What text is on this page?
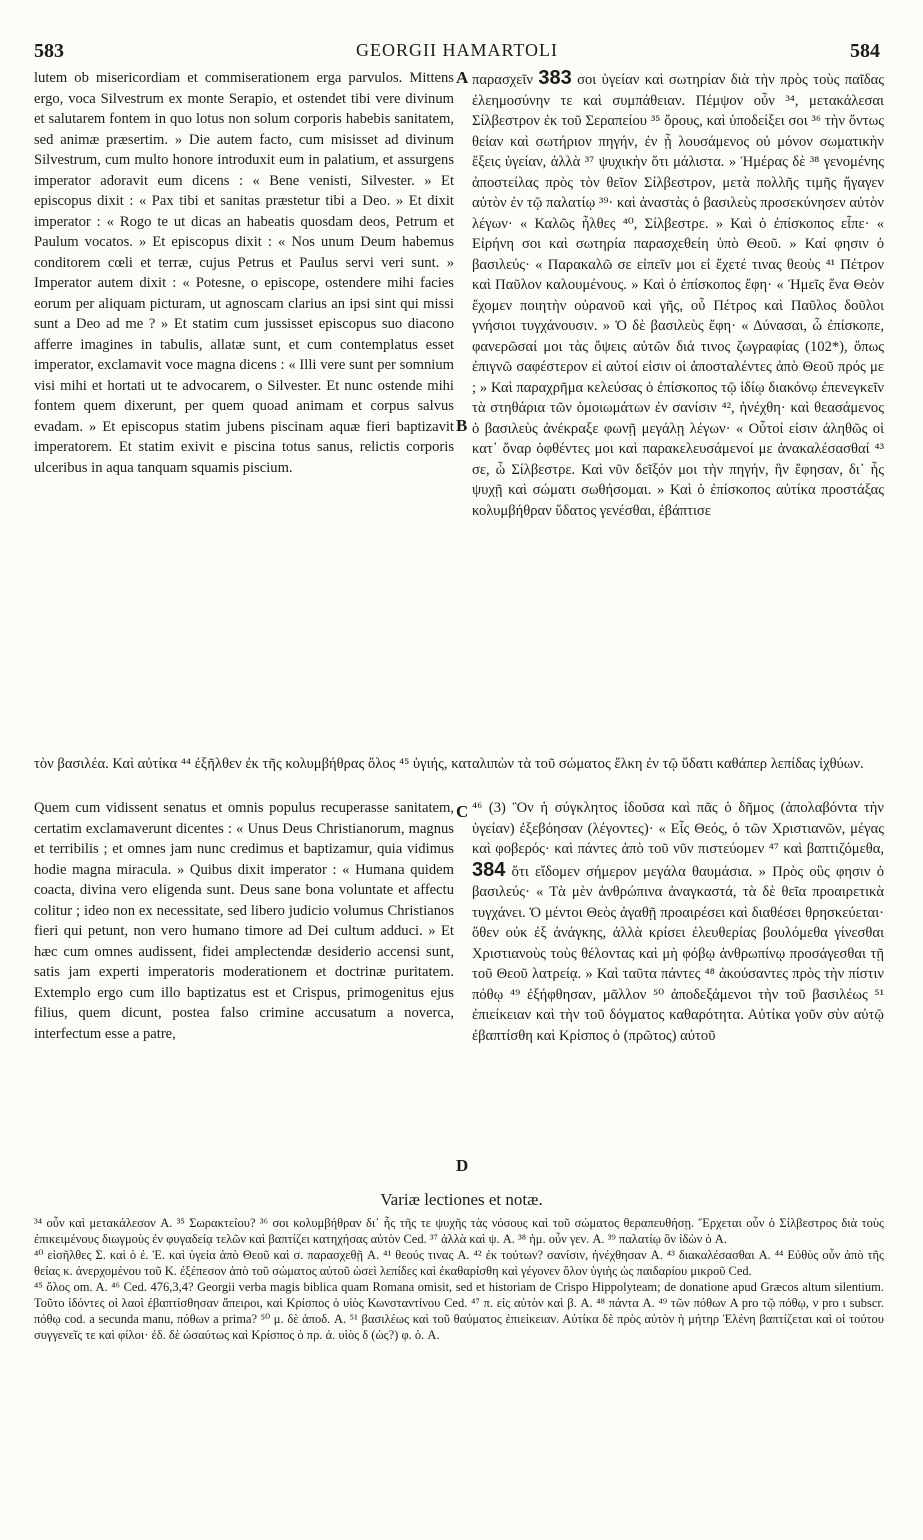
583	GEORGII HAMARTOLI	584

lutem ob misericordiam et commiserationem erga parvulos. Mittens ergo, voca Silvestrum ex monte Serapio, et ostendet tibi vere divinum et salutarem fontem in quo lotus non solum corporis habebis sanitatem, sed animæ præsertim. » Die autem facto, cum misisset ad divinum Silvestrum, cum multo honore introduxit eum in palatium, et assurgens imperator adoravit eum dicens : « Bene venisti, Silvester. » Et episcopus dixit : « Pax tibi et sanitas præstetur tibi a Deo. » Et dixit imperator : « Rogo te ut dicas an habeatis quosdam deos, Petrum et Paulum vocatos. » Et episcopus dixit : « Nos unum Deum habemus conditorem cœli et terræ, cujus Petrus et Paulus servi veri sunt. » Imperator autem dixit : « Potesne, o episcope, ostendere mihi facies eorum per aliquam picturam, ut agnoscam clarius an ipsi sint qui missi sunt a Deo ad me ? » Et statim cum jussisset episcopus suo diacono afferre imagines in tabulis, allatæ sunt, et cum contemplatus esset imperator, exclamavit voce magna dicens : « Illi vere sunt per somnium visi mihi et hortati ut te advocarem, o Silvester. Et nunc ostende mihi fontem quem dixerunt, per quem quoad animam et corpus salvus evadam. » Et episcopus statim jubens piscinam aquæ fieri baptizavit imperatorem. Et statim exivit e piscina totus sanus, relictis corporis ulceribus in aqua tanquam squamis piscium.

A παρασχεῖν 383 σοι ὑγείαν καὶ σωτηρίαν διὰ τὴν πρὸς τοὺς παῖδας ἐλεημοσύνην τε καὶ συμπάθειαν. Πέμψον οὖν ³⁴, μετακάλεσαι Σίλβεστρον ἐκ τοῦ Σεραπείου ³⁵ ὄρους, καὶ ὑποδείξει σοι ³⁶ τὴν ὄντως θείαν καὶ σωτήριον πηγήν, ἐν ᾗ λουσάμενος οὐ μόνον σωματικὴν ἕξεις ὑγείαν, ἀλλὰ ³⁷ ψυχικὴν ὅτι μάλιστα. » Ἡμέρας δὲ ³⁸ γενομένης ἀποστείλας πρὸς τὸν θεῖον Σίλβεστρον, μετὰ πολλῆς τιμῆς ἤγαγεν αὐτὸν ἐν τῷ παλατίῳ ³⁹· καὶ ἀναστὰς ὁ βασιλεὺς προσεκύνησεν αὐτὸν λέγων· « Καλῶς ἦλθες ⁴⁰, Σίλβεστρε. » Καὶ ὁ ἐπίσκοπος εἶπε· « Εἰρήνη σοι καὶ σωτηρία παρασχεθείη ὑπὸ Θεοῦ. » Καί φησιν ὁ βασιλεύς· « Παρακαλῶ σε εἰπεῖν μοι εἰ ἔχετέ τινας θεοὺς ⁴¹ Πέτρον καὶ Παῦλον καλουμένους. » Καὶ ὁ ἐπίσκοπος ἔφη· « Ἡμεῖς ἕνα Θεὸν ἔχομεν ποιητὴν οὐρανοῦ καὶ γῆς, οὗ Πέτρος καὶ Παῦλος δοῦλοι γνήσιοι τυγχάνουσιν. » Ὁ δὲ βασιλεὺς ἔφη· « Δύνασαι, ὦ ἐπίσκοπε, φανερῶσαί μοι τὰς ὄψεις αὐτῶν διά τινος ζωγραφίας (102*), ὅπως ἐπιγνῶ σαφέστερον εἰ αὐτοί εἰσιν οἱ ἀποσταλέντες ἀπὸ Θεοῦ πρός με ; » Καὶ παραχρῆμα κελεύσας ὁ ἐπίσκοπος τῷ ἰδίῳ διακόνῳ ἐπενεγκεῖν τὰ στηθάρια τῶν ὁμοιωμάτων ἐν σανίσιν ⁴², ἠνέχθη· καὶ θεασάμενος ὁ βασιλεὺς ἀνέκραξε φωνῇ μεγάλῃ λέγων· « Οὗτοί εἰσιν ἀληθῶς οἱ κατ᾽ ὄναρ ὀφθέντες μοι καὶ παρακελευσάμενοί με ἀνακαλέσασθαί ⁴³ σε, ὦ Σίλβεστρε. Καὶ νῦν δεῖξόν μοι τὴν πηγήν, ἣν ἔφησαν, δι᾽ ἧς ψυχῇ καὶ σώματι σωθήσομαι. » Καὶ ὁ ἐπίσκοπος αὐτίκα προστάξας κολυμβήθραν ὕδατος γενέσθαι, ἐβάπτισε

B
τὸν βασιλέα. Καὶ αὐτίκα ⁴⁴ ἐξῆλθεν ἐκ τῆς κολυμβήθρας ὅλος ⁴⁵ ὑγιής, καταλιπὼν τὰ τοῦ σώματος ἕλκη ἐν τῷ ὕδατι καθάπερ λεπίδας ἰχθύων.

Quem cum vidissent senatus et omnis populus recuperasse sanitatem, certatim exclamaverunt dicentes : « Unus Deus Christianorum, magnus et terribilis ; et omnes jam nunc credimus et baptizamur, quia vidimus hodie magna miracula. » Quibus dixit imperator : « Humana quidem coacta, divina vero eligenda sunt. Deus sane bona voluntate et affectu colitur ; ideo non ex necessitate, sed libero judicio volumus Christianos fieri qui petunt, non vero humano timore ad Dei cultum adduci. » Et hæc cum omnes audissent, fidei amplectendæ desiderio accensi sunt, satis jam experti imperatoris moderationem et doctrinæ puritatem. Extemplo ergo cum illo baptizatus est et Crispus, primogenitus ejus filius, quem dicunt, postea falso crimine accusatum a noverca, interfectum esse a patre,

C
D

⁴⁶ (3) Ὃν ἡ σύγκλητος ἰδοῦσα καὶ πᾶς ὁ δῆμος (ἀπολαβόντα τὴν ὑγείαν) ἐξεβόησαν (λέγοντες)· « Εἷς Θεός, ὁ τῶν Χριστιανῶν, μέγας καὶ φοβερός· καὶ πάντες ἀπὸ τοῦ νῦν πιστεύομεν ⁴⁷ καὶ βαπτιζόμεθα, 384 ὅτι εἴδομεν σήμερον μεγάλα θαυμάσια. » Πρὸς οὓς φησιν ὁ βασιλεύς· « Τὰ μὲν ἀνθρώπινα ἀναγκαστά, τὰ δὲ θεῖα προαιρετικὰ τυγχάνει. Ὁ μέντοι Θεὸς ἀγαθῇ προαιρέσει καὶ διαθέσει θρησκεύεται· ὅθεν οὐκ ἐξ ἀνάγκης, ἀλλὰ κρίσει ἐλευθερίας βουλόμεθα γίνεσθαι Χριστιανοὺς τοὺς θέλοντας καὶ μὴ φόβῳ ἀνθρωπίνῳ προσάγεσθαι τῇ τοῦ Θεοῦ λατρείᾳ. » Καὶ ταῦτα πάντες ⁴⁸ ἀκούσαντες πρὸς τὴν πίστιν πόθῳ ⁴⁹ ἐξήφθησαν, μᾶλλον ⁵⁰ ἀποδεξάμενοι τὴν τοῦ βασιλέως ⁵¹ ἐπιείκειαν καὶ τὴν τοῦ δόγματος καθαρότητα. Αὐτίκα γοῦν σὺν αὐτῷ ἐβαπτίσθη καὶ Κρίσπος ὁ (πρῶτος) αὐτοῦ

Variæ lectiones et notæ.

³⁴ οὖν καὶ μετακάλεσον A. ³⁵ Σωρακτείου? ³⁶ σοι κολυμβήθραν δι᾽ ἧς τῆς τε ψυχῆς τὰς νόσους καὶ τοῦ σώματος θεραπευθήσῃ. Ἔρχεται οὖν ὁ Σίλβεστρος διὰ τοὺς ἐπικειμένους διωγμοὺς ἐν φυγαδείᾳ τελῶν καὶ βαπτίζει κατηχήσας αὐτὸν Ced. ³⁷ ἀλλὰ καὶ ψ. A. ³⁸ ἡμ. οὖν γεν. A. ³⁹ παλατίῳ ὃν ἰδὼν ὁ A.

⁴⁰ εἰσῆλθες Σ. καὶ ὁ ἐ. Ἐ. καὶ ὑγεία ἀπὸ Θεοῦ καὶ σ. παρασχεθῇ A. ⁴¹ θεούς τινας A. ⁴² ἐκ τούτων? σανίσιν, ἠνέχθησαν A. ⁴³ διακαλέσασθαι A. ⁴⁴ Εὐθὺς οὖν ἀπὸ τῆς θείας κ. ἀνερχομένου τοῦ K. ἐξέπεσον ἀπὸ τοῦ σώματος αὐτοῦ ὡσεὶ λεπίδες καὶ ἐκαθαρίσθη καὶ γέγονεν ὅλον ὑγιὴς ὡς παιδαρίου μικροῦ Ced.

⁴⁵ ὅλος om. A. ⁴⁶ Ced. 476,3,4? Georgii verba magis biblica quam Romana omisit, sed et historiam de Crispo Hippolyteam; de donatione apud Græcos altum silentium. Τοῦτο ἰδόντες οἱ λαοὶ ἐβαπτίσθησαν ἄπειροι, καὶ Κρίσπος ὁ υἱὸς Κωνσταντίνου Ced. ⁴⁷ π. εἰς αὐτὸν καὶ β. A. ⁴⁸ πάντα A. ⁴⁹ τῶν πόθων A pro τῷ πόθῳ, ν pro ι subscr. πόθῳ cod. a secunda manu, πόθων a prima? ⁵⁰ μ. δὲ ἀποδ. A. ⁵¹ βασιλέως καὶ τοῦ θαύματος ἐπιείκειαν. Αὐτίκα δὲ πρὸς αὐτὸν ἡ μήτηρ Ἑλένη βαπτίζεται καὶ οἱ τούτου συγγενεῖς τε καὶ φίλοι· ἐδ. δὲ ὡσαύτως καὶ Κρίσπος ὁ πρ. ἀ. υἱὸς δ (ὡς?) φ. ὁ. A.
